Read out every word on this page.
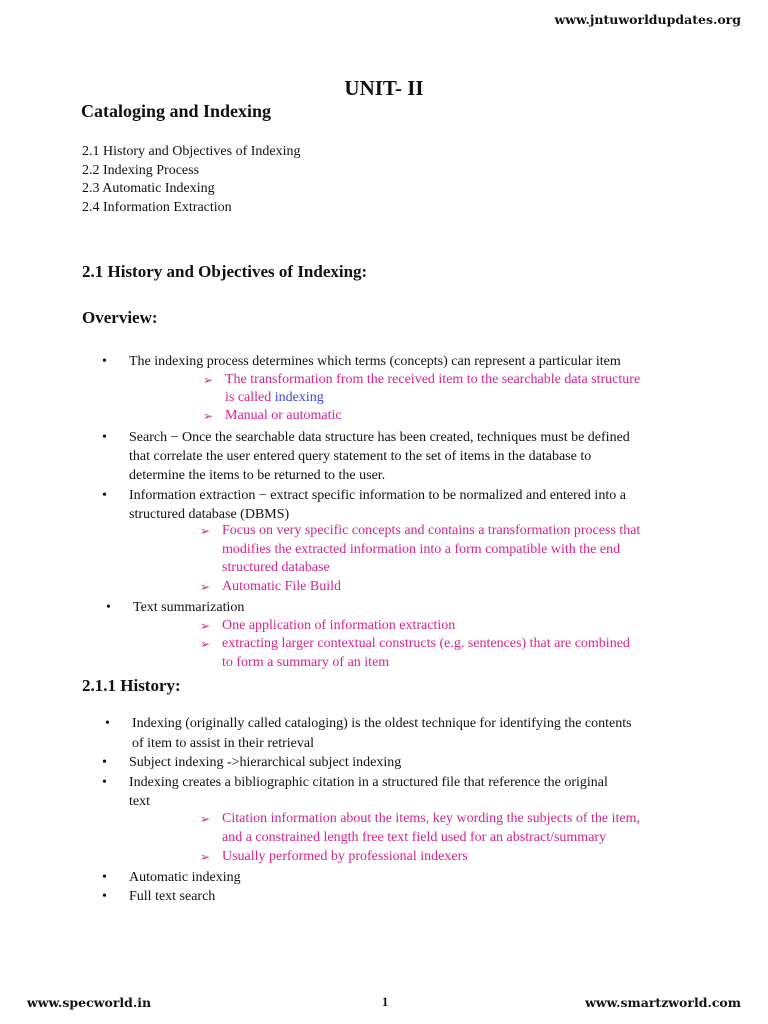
www.jntuworldupdates.org
UNIT- II
Cataloging and Indexing
2.1 History and Objectives of Indexing
2.2 Indexing Process
2.3 Automatic Indexing
2.4 Information Extraction
2.1 History and Objectives of Indexing:
Overview:
• The indexing process determines which terms (concepts) can represent a particular item
➢ The transformation from the received item to the searchable data structure
is called indexing
➢ Manual or automatic
• Search − Once the searchable data structure has been created, techniques must be defined
that correlate the user entered query statement to the set of items in the database to
determine the items to be returned to the user.
• Information extraction − extract specific information to be normalized and entered into a
structured database (DBMS)
➢ Focus on very specific concepts and contains a transformation process that
modifies the extracted information into a form compatible with the end
structured database
➢ Automatic File Build
• Text summarization
➢ One application of information extraction
➢ extracting larger contextual constructs (e.g. sentences) that are combined
to form a summary of an item
2.1.1 History:
• Indexing (originally called cataloging) is the oldest technique for identifying the contents
of item to assist in their retrieval
• Subject indexing ->hierarchical subject indexing
• Indexing creates a bibliographic citation in a structured file that reference the original
text
➢ Citation information about the items, key wording the subjects of the item,
and a constrained length free text field used for an abstract/summary
➢ Usually performed by professional indexers
• Automatic indexing
• Full text search
www.specworld.in	1	www.smartzworld.com
